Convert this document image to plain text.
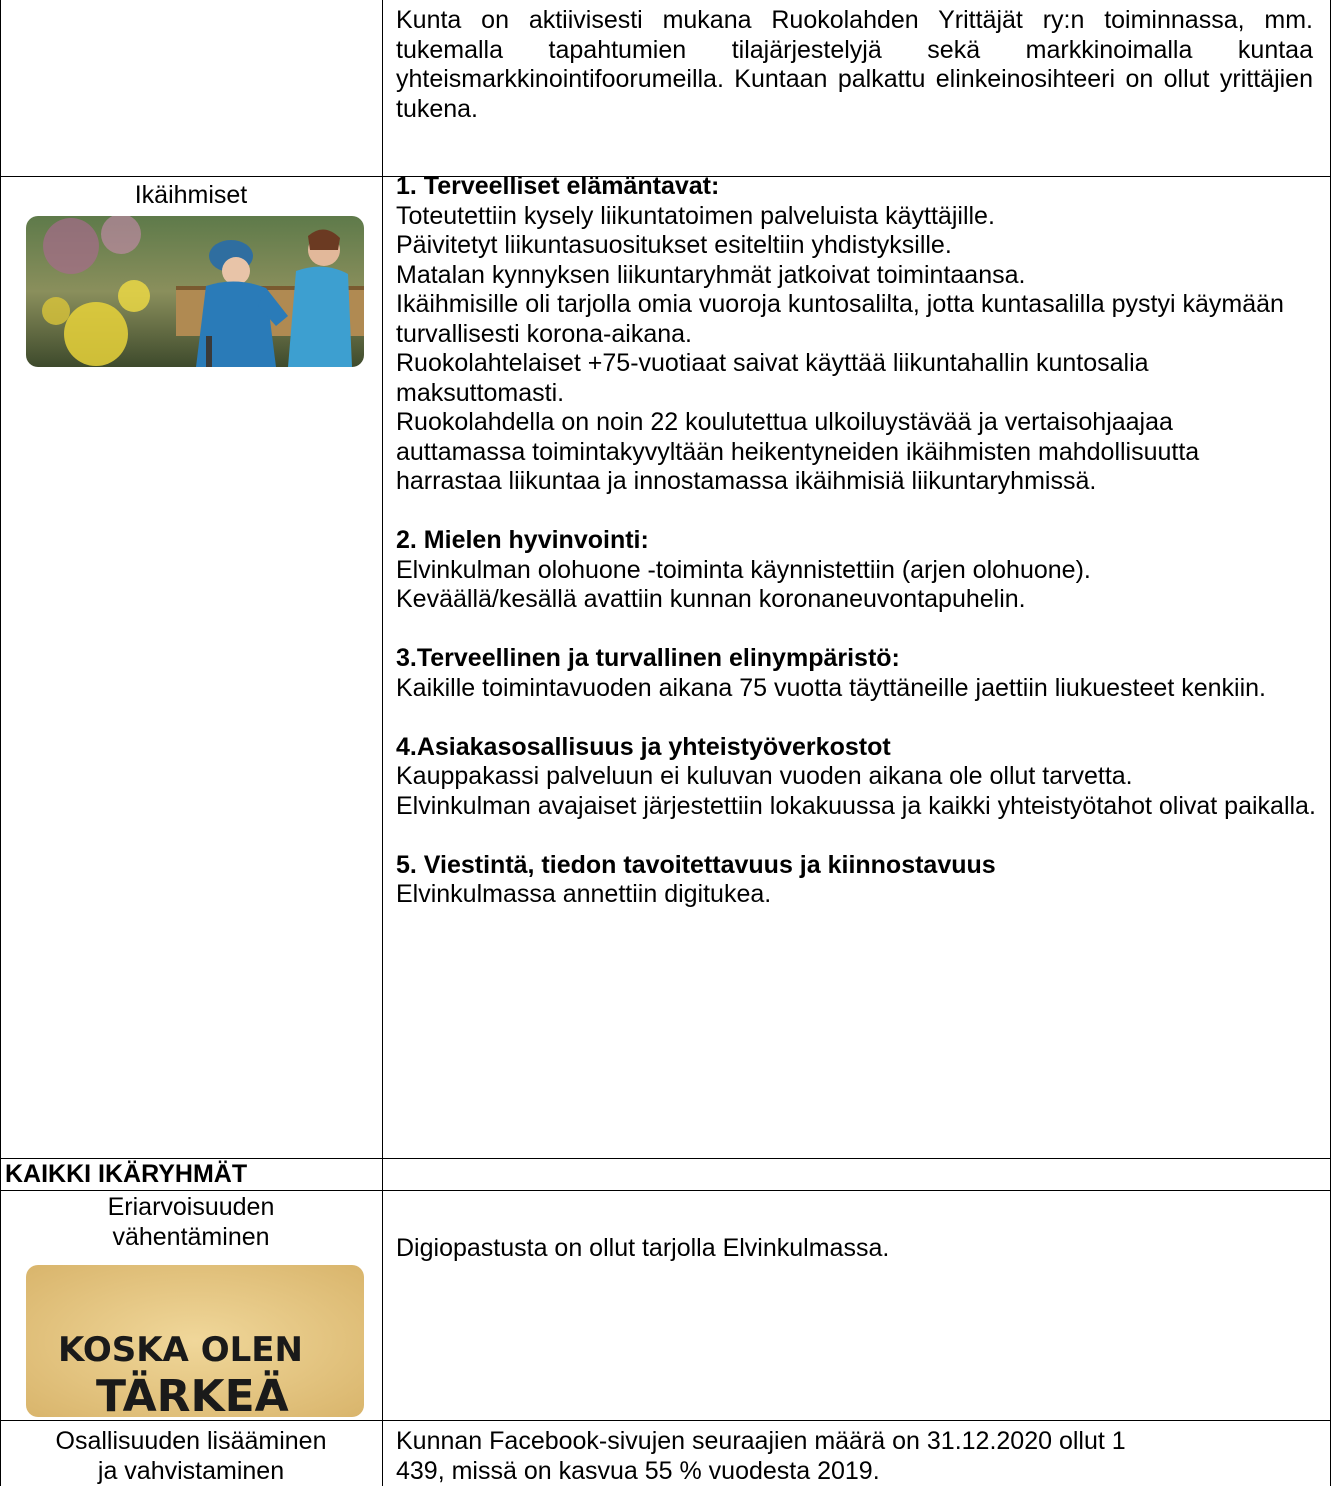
Kunta on aktiivisesti mukana Ruokolahden Yrittäjät ry:n toiminnassa, mm. tukemalla tapahtumien tilajärjestelyjä sekä markkinoimalla kuntaa yhteismarkkinointifoorumeilla. Kuntaan palkattu elinkeinosihteeri on ollut yrittäjien tukena.

Ikäihmiset	1. Terveelliset elämäntavat:

Toteutettiin kysely liikuntatoimen palveluista käyttäjille.

Päivitetyt liikuntasuositukset esiteltiin yhdistyksille.

Matalan kynnyksen liikuntaryhmät jatkoivat toimintaansa.

Ikäihmisille oli tarjolla omia vuoroja kuntosalilta, jotta kuntasalilla pystyi käymään turvallisesti korona-aikana.

Ruokolahtelaiset +75-vuotiaat saivat käyttää liikuntahallin kuntosalia maksuttomasti.

Ruokolahdella on noin 22 koulutettua ulkoiluystävää ja vertaisohjaajaa auttamassa toimintakyvyltään heikentyneiden ikäihmisten mahdollisuutta harrastaa liikuntaa ja innostamassa ikäihmisiä liikuntaryhmissä.

2. Mielen hyvinvointi:

Elvinkulman olohuone -toiminta käynnistettiin (arjen olohuone).

Keväällä/kesällä avattiin kunnan koronaneuvontapuhelin.

3.Terveellinen ja turvallinen elinympäristö:

Kaikille toimintavuoden aikana 75 vuotta täyttäneille jaettiin liukuesteet kenkiin.

4.Asiakasosallisuus ja yhteistyöverkostot

Kauppakassi palveluun ei kuluvan vuoden aikana ole ollut tarvetta.

Elvinkulman avajaiset järjestettiin lokakuussa ja kaikki yhteistyötahot olivat paikalla.

5. Viestintä, tiedon tavoitettavuus ja kiinnostavuus

Elvinkulmassa annettiin digitukea.

KAIKKI IKÄRYHMÄT
Eriarvoisuuden
vähentäminen
KOSKA OLEN
TÄRKEÄ
Digiopastusta on ollut tarjolla Elvinkulmassa.
Osallisuuden lisääminen
ja vahvistaminen
Kunnan Facebook-sivujen seuraajien määrä on 31.12.2020 ollut 1
439, missä on kasvua 55 % vuodesta 2019.
